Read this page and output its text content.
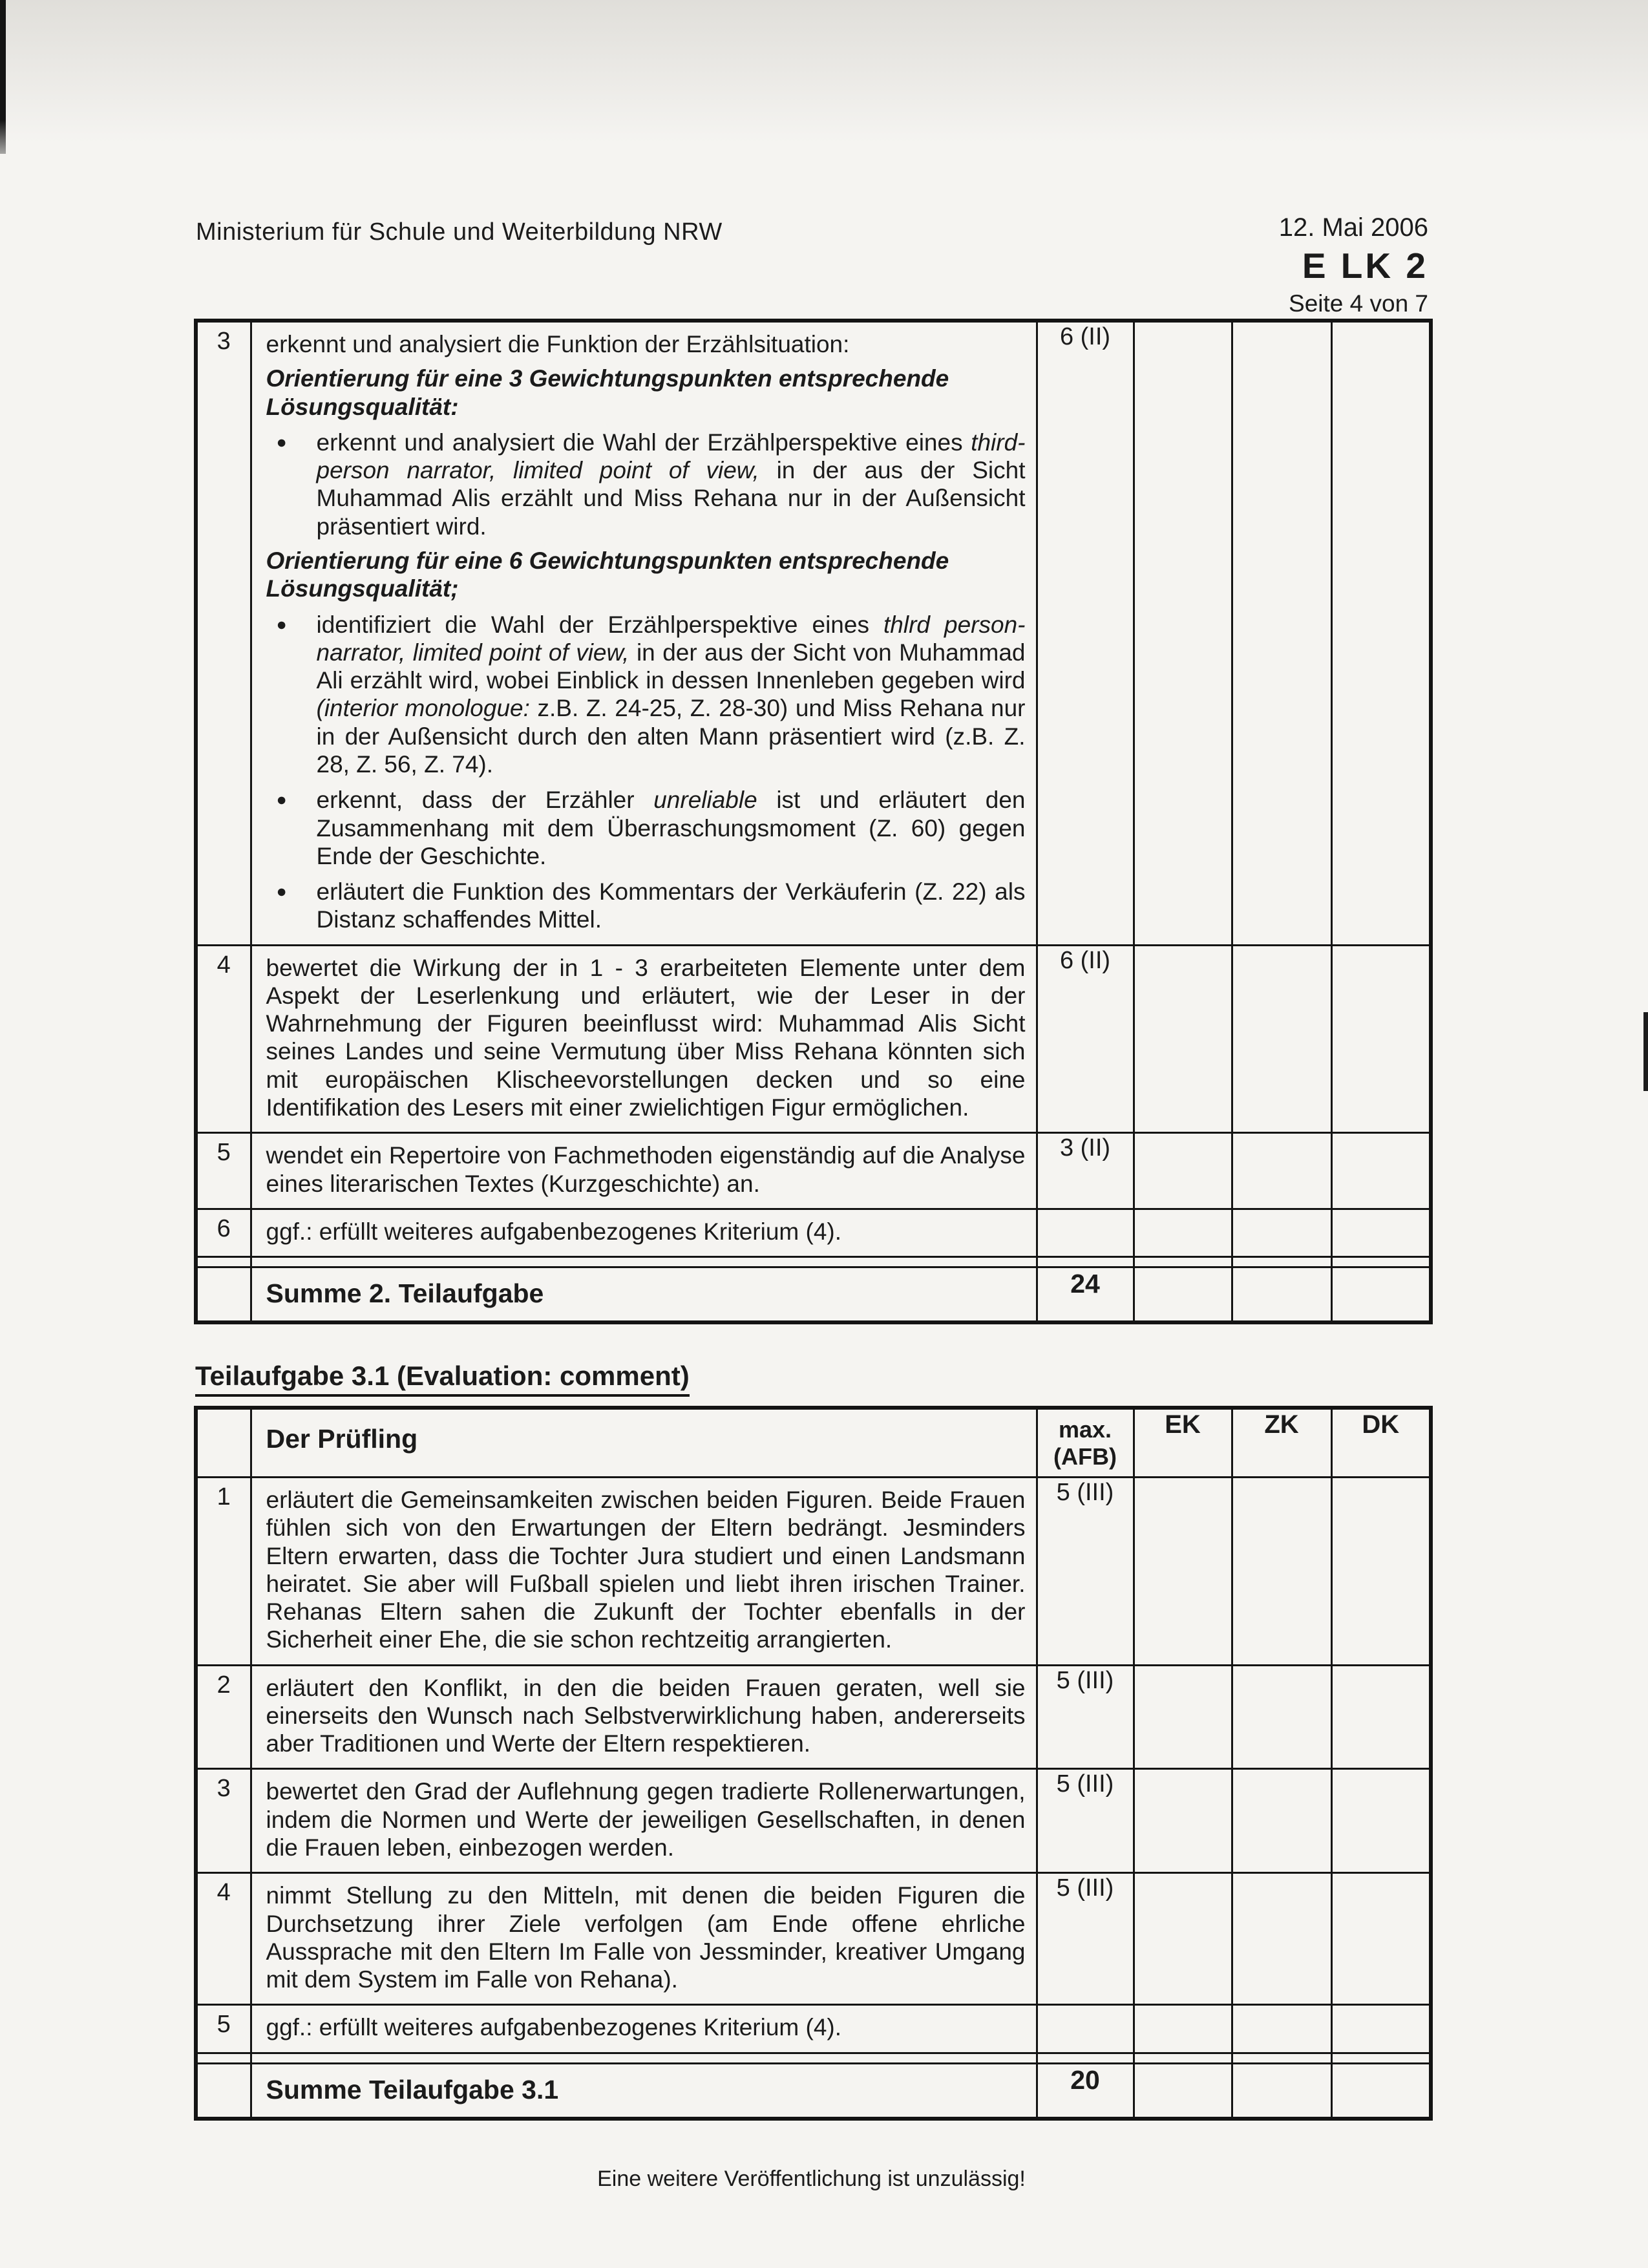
Ministerium für Schule und Weiterbildung NRW	12. Mai 2006
E LK 2
Seite 4 von 7
3	erkennt und analysiert die Funktion der Erzählsituation:

Orientierung für eine 3 Gewichtungspunkten entsprechende Lösungsqualität:

●	erkennt und analysiert die Wahl der Erzählperspektive eines third-person narrator, limited point of view, in der aus der Sicht Muhammad Alis erzählt und Miss Rehana nur in der Außensicht präsentiert wird.

Orientierung für eine 6 Gewichtungspunkten entsprechende Lösungsqualität;

●	identifiziert die Wahl der Erzählperspektive eines thlrd person-narrator, limited point of view, in der aus der Sicht von Muhammad Ali erzählt wird, wobei Einblick in dessen Innenleben gegeben wird (interior monologue: z.B. Z. 24-25, Z. 28-30) und Miss Rehana nur in der Außensicht durch den alten Mann präsentiert wird (z.B. Z. 28, Z. 56, Z. 74).
●	erkennt, dass der Erzähler unreliable ist und erläutert den Zusammenhang mit dem Überraschungsmoment (Z. 60) gegen Ende der Geschichte.
●	erläutert die Funktion des Kommentars der Verkäuferin (Z. 22) als Distanz schaffendes Mittel.
	6 (II)			
4	bewertet die Wirkung der in 1 - 3 erarbeiteten Elemente unter dem Aspekt der Leserlenkung und erläutert, wie der Leser in der Wahrnehmung der Figuren beeinflusst wird: Muhammad Alis Sicht seines Landes und seine Vermutung über Miss Rehana könnten sich mit europäischen Klischeevorstellungen decken und so eine Identifikation des Lesers mit einer zwielichtigen Figur ermöglichen.	6 (II)			
5	wendet ein Repertoire von Fachmethoden eigenständig auf die Analyse eines literarischen Textes (Kurzgeschichte) an.	3 (II)			
6	ggf.: erfüllt weiteres aufgabenbezogenes Kriterium (4).				

	Summe 2. Teilaufgabe	24			
Teilaufgabe 3.1 (Evaluation: comment)
	Der Prüfling	max.
(AFB)	EK	ZK	DK
1	erläutert die Gemeinsamkeiten zwischen beiden Figuren. Beide Frauen fühlen sich von den Erwartungen der Eltern bedrängt. Jesminders Eltern erwarten, dass die Tochter Jura studiert und einen Landsmann heiratet. Sie aber will Fußball spielen und liebt ihren irischen Trainer. Rehanas Eltern sahen die Zukunft der Tochter ebenfalls in der Sicherheit einer Ehe, die sie schon rechtzeitig arrangierten.	5 (III)			
2	erläutert den Konflikt, in den die beiden Frauen geraten, well sie einerseits den Wunsch nach Selbstverwirklichung haben, andererseits aber Traditionen und Werte der Eltern respektieren.	5 (III)			
3	bewertet den Grad der Auflehnung gegen tradierte Rollenerwartungen, indem die Normen und Werte der jeweiligen Gesellschaften, in denen die Frauen leben, einbezogen werden.	5 (III)			
4	nimmt Stellung zu den Mitteln, mit denen die beiden Figuren die Durchsetzung ihrer Ziele verfolgen (am Ende offene ehrliche Aussprache mit den Eltern Im Falle von Jessminder, kreativer Umgang mit dem System im Falle von Rehana).	5 (III)			
5	ggf.: erfüllt weiteres aufgabenbezogenes Kriterium (4).				

	Summe Teilaufgabe 3.1	20			
Eine weitere Veröffentlichung ist unzulässig!
